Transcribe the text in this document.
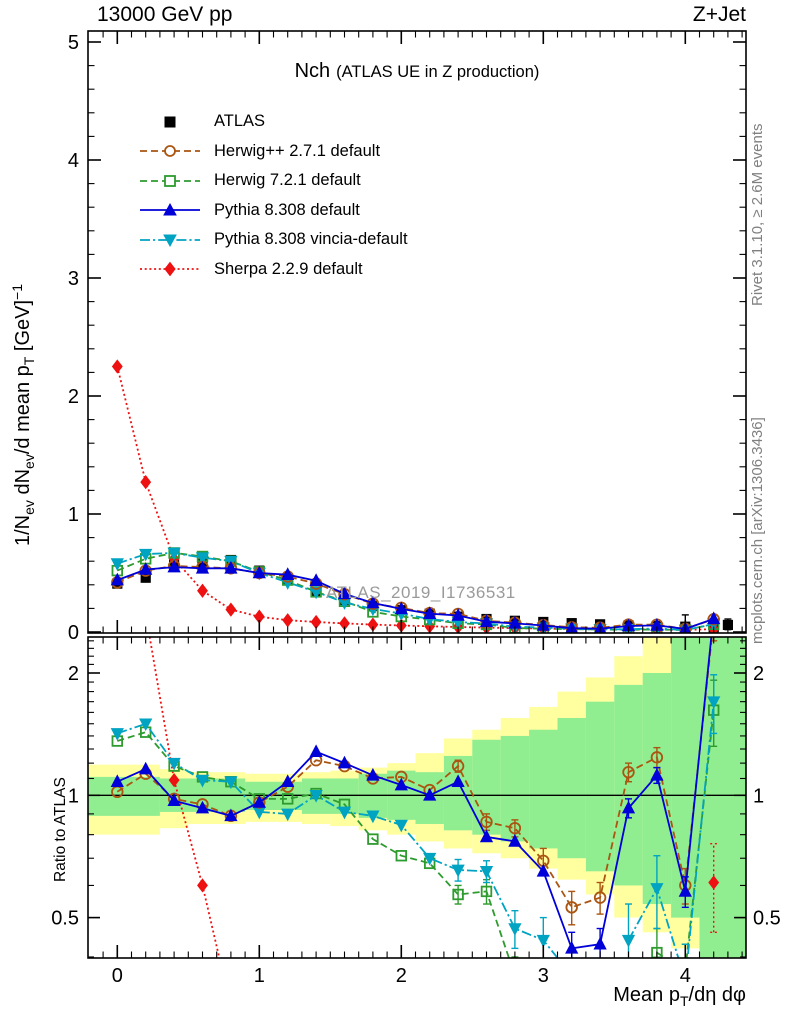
0	1	2	3	4
0
1
2
3
4
5
0.5	0.5
1	1
2	2
13000 GeV pp	Z+Jet
Nch (ATLAS UE in Z production)
ATLAS
Herwig++ 2.7.1 default
Herwig 7.2.1 default
Pythia 8.308 default
Pythia 8.308 vincia-default
Sherpa 2.2.9 default
$1/N_{ev}$ $dN_{ev}/d$ mean $p_T$ [GeV]$^{-1}$
Ratio to ATLAS
Mean $p_T/d\eta$ dφ
Rivet 3.1.10, ≥ 2.6M events
mcplots.cern.ch [arXiv:1306.3436]
ATLAS_2019_I1736531
